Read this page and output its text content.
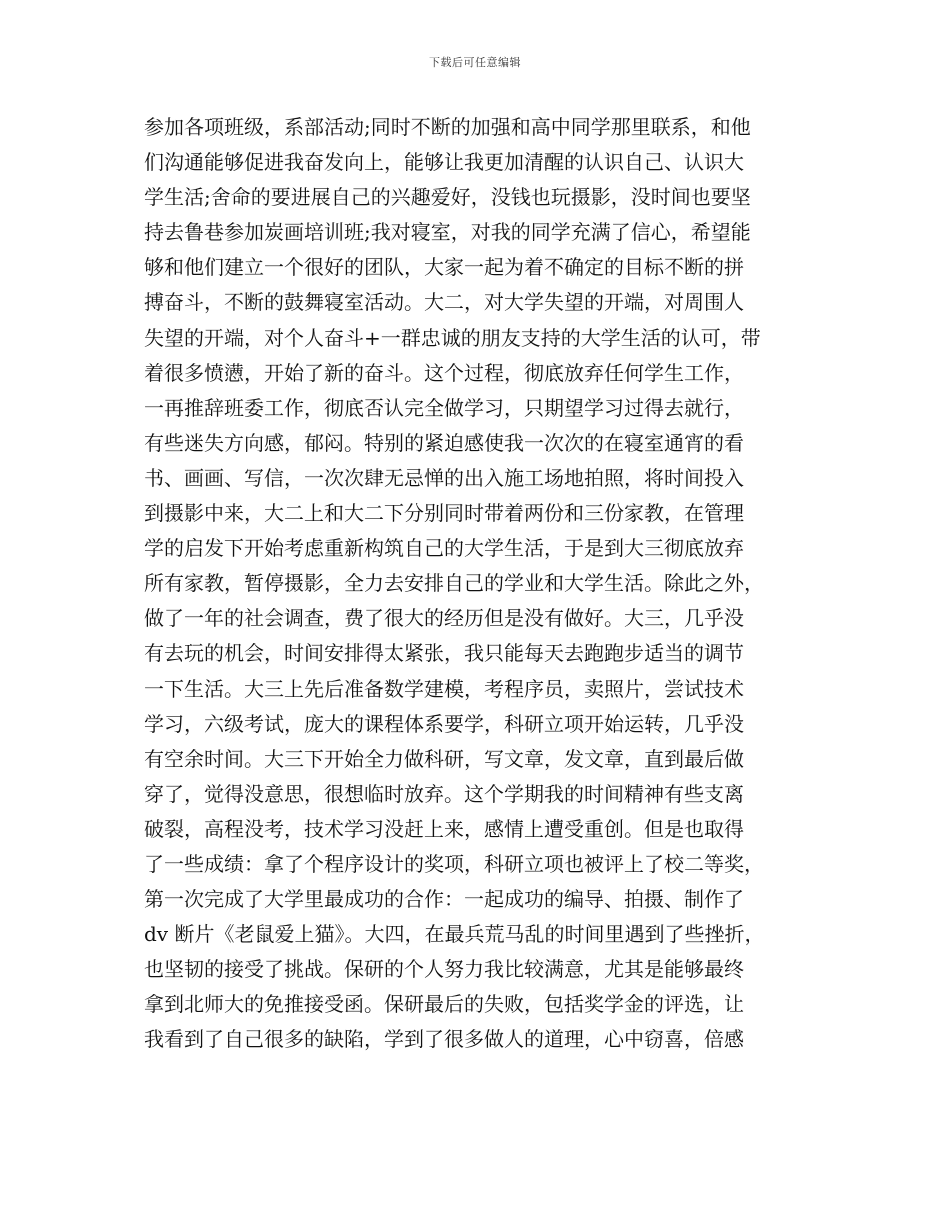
下载后可任意编辑
参加各项班级，系部活动;同时不断的加强和高中同学那里联系，和他
们沟通能够促进我奋发向上，能够让我更加清醒的认识自己、认识大
学生活;舍命的要进展自己的兴趣爱好，没钱也玩摄影，没时间也要坚
持去鲁巷参加炭画培训班;我对寝室，对我的同学充满了信心，希望能
够和他们建立一个很好的团队，大家一起为着不确定的目标不断的拼
搏奋斗，不断的鼓舞寝室活动。大二，对大学失望的开端，对周围人
失望的开端，对个人奋斗+一群忠诚的朋友支持的大学生活的认可，带
着很多愤懑，开始了新的奋斗。这个过程，彻底放弃任何学生工作，
一再推辞班委工作，彻底否认完全做学习，只期望学习过得去就行，
有些迷失方向感，郁闷。特别的紧迫感使我一次次的在寝室通宵的看
书、画画、写信，一次次肆无忌惮的出入施工场地拍照，将时间投入
到摄影中来，大二上和大二下分别同时带着两份和三份家教，在管理
学的启发下开始考虑重新构筑自己的大学生活，于是到大三彻底放弃
所有家教，暂停摄影，全力去安排自己的学业和大学生活。除此之外，
做了一年的社会调查，费了很大的经历但是没有做好。大三，几乎没
有去玩的机会，时间安排得太紧张，我只能每天去跑跑步适当的调节
一下生活。大三上先后准备数学建模，考程序员，卖照片，尝试技术
学习，六级考试，庞大的课程体系要学，科研立项开始运转，几乎没
有空余时间。大三下开始全力做科研，写文章，发文章，直到最后做
穿了，觉得没意思，很想临时放弃。这个学期我的时间精神有些支离
破裂，高程没考，技术学习没赶上来，感情上遭受重创。但是也取得
了一些成绩：拿了个程序设计的奖项，科研立项也被评上了校二等奖，
第一次完成了大学里最成功的合作：一起成功的编导、拍摄、制作了
dv 断片《老鼠爱上猫》。大四，在最兵荒马乱的时间里遇到了些挫折，
也坚韧的接受了挑战。保研的个人努力我比较满意，尤其是能够最终
拿到北师大的免推接受函。保研最后的失败，包括奖学金的评选，让
我看到了自己很多的缺陷，学到了很多做人的道理，心中窃喜，倍感
